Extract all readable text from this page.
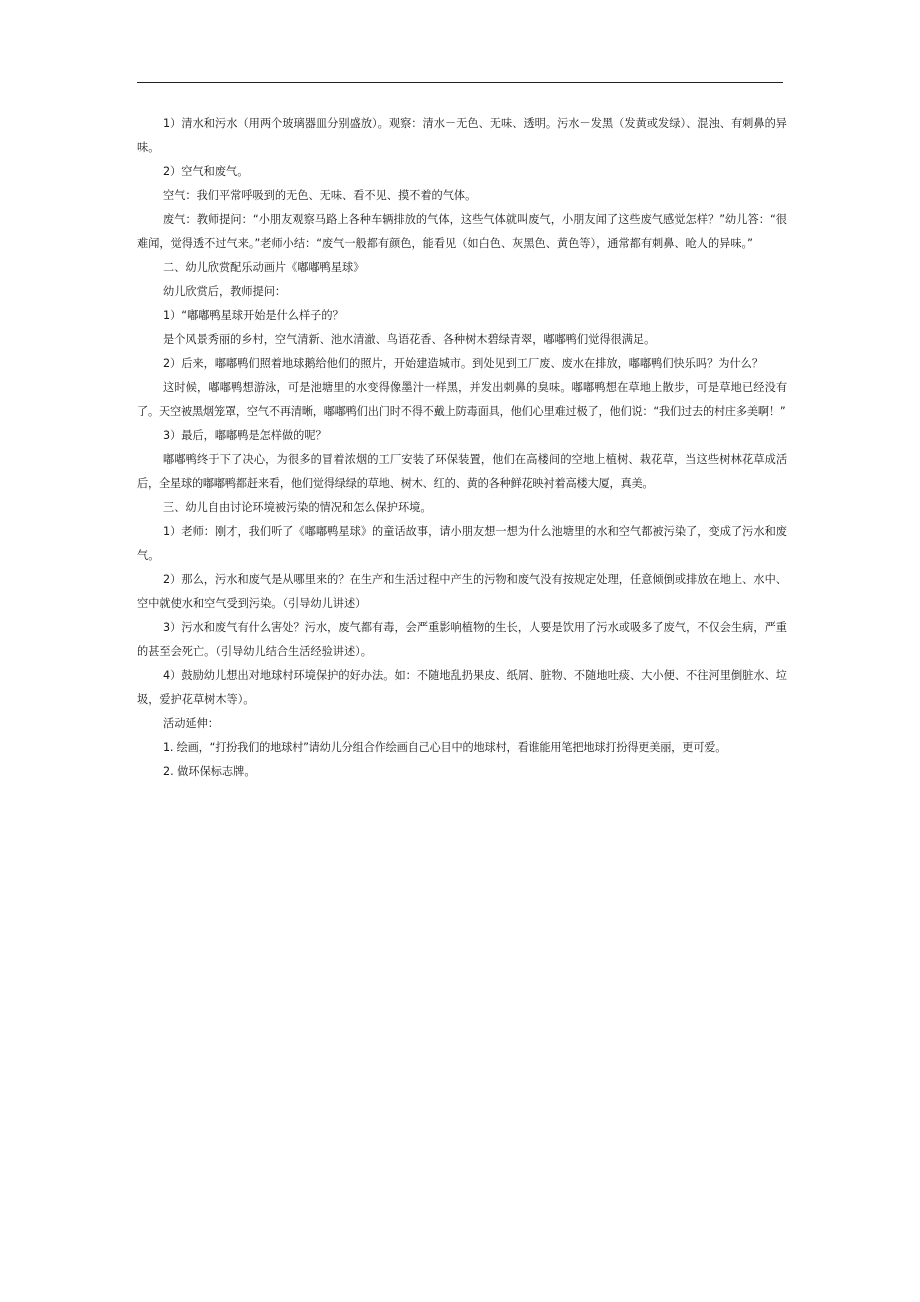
1）清水和污水（用两个玻璃器皿分别盛放）。观察：清水－无色、无味、透明。污水－发黑（发黄或发绿）、混浊、有刺鼻的异味。

2）空气和废气。

空气：我们平常呼吸到的无色、无味、看不见、摸不着的气体。

废气：教师提问：“小朋友观察马路上各种车辆排放的气体，这些气体就叫废气，小朋友闻了这些废气感觉怎样？”幼儿答：“很难闻，觉得透不过气来。”老师小结：“废气一般都有颜色，能看见（如白色、灰黑色、黄色等），通常都有刺鼻、呛人的异味。”

二、幼儿欣赏配乐动画片《嘟嘟鸭星球》

幼儿欣赏后，教师提问：

1）“嘟嘟鸭星球开始是什么样子的？

是个风景秀丽的乡村，空气清新、池水清澈、鸟语花香、各种树木碧绿青翠，嘟嘟鸭们觉得很满足。

2）后来，嘟嘟鸭们照着地球鹅给他们的照片，开始建造城市。到处见到工厂废、废水在排放，嘟嘟鸭们快乐吗？为什么？

这时候，嘟嘟鸭想游泳，可是池塘里的水变得像墨汁一样黑，并发出刺鼻的臭味。嘟嘟鸭想在草地上散步，可是草地已经没有了。天空被黑烟笼罩，空气不再清晰，嘟嘟鸭们出门时不得不戴上防毒面具，他们心里难过极了，他们说：“我们过去的村庄多美啊！”

3）最后，嘟嘟鸭是怎样做的呢？

嘟嘟鸭终于下了决心，为很多的冒着浓烟的工厂安装了环保装置，他们在高楼间的空地上植树、栽花草，当这些树林花草成活后，全星球的嘟嘟鸭都赶来看，他们觉得绿绿的草地、树木、红的、黄的各种鲜花映衬着高楼大厦，真美。

三、幼儿自由讨论环境被污染的情况和怎么保护环境。

1）老师：刚才，我们听了《嘟嘟鸭星球》的童话故事，请小朋友想一想为什么池塘里的水和空气都被污染了，变成了污水和废气。

2）那么，污水和废气是从哪里来的？在生产和生活过程中产生的污物和废气没有按规定处理，任意倾倒或排放在地上、水中、空中就使水和空气受到污染。（引导幼儿讲述）

3）污水和废气有什么害处？污水，废气都有毒，会严重影响植物的生长，人要是饮用了污水或吸多了废气，不仅会生病，严重的甚至会死亡。（引导幼儿结合生活经验讲述）。

4）鼓励幼儿想出对地球村环境保护的好办法。如：不随地乱扔果皮、纸屑、脏物、不随地吐痰、大小便、不往河里倒脏水、垃圾，爱护花草树木等）。

活动延伸：

1. 绘画，“打扮我们的地球村”请幼儿分组合作绘画自己心目中的地球村，看谁能用笔把地球打扮得更美丽，更可爱。

2. 做环保标志牌。
